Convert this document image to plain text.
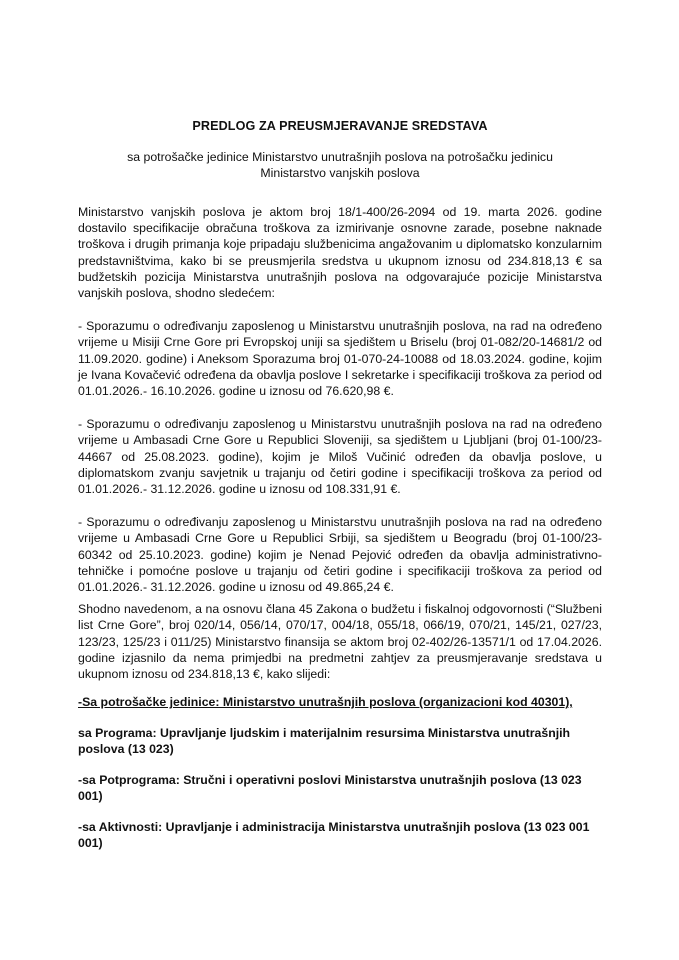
PREDLOG ZA PREUSMJERAVANJE SREDSTAVA
sa potrošačke jedinice Ministarstvo unutrašnjih poslova na potrošačku jedinicu
Ministarstvo vanjskih poslova

Ministarstvo vanjskih poslova je aktom broj 18/1-400/26-2094 od 19. marta 2026. godine dostavilo specifikacije obračuna troškova za izmirivanje osnovne zarade, posebne naknade troškova i drugih primanja koje pripadaju službenicima angažovanim u diplomatsko konzularnim predstavništvima, kako bi se preusmjerila sredstva u ukupnom iznosu od 234.818,13 € sa budžetskih pozicija Ministarstva unutrašnjih poslova na odgovarajuće pozicije Ministarstva vanjskih poslova, shodno sledećem:

- Sporazumu o određivanju zaposlenog u Ministarstvu unutrašnjih poslova, na rad na određeno vrijeme u Misiji Crne Gore pri Evropskoj uniji sa sjedištem u Briselu (broj 01-082/20-14681/2 od 11.09.2020. godine) i Aneksom Sporazuma broj 01-070-24-10088 od 18.03.2024. godine, kojim je Ivana Kovačević određena da obavlja poslove I sekretarke i specifikaciji troškova za period od 01.01.2026.- 16.10.2026. godine u iznosu od 76.620,98 €.

- Sporazumu o određivanju zaposlenog u Ministarstvu unutrašnjih poslova na rad na određeno vrijeme u Ambasadi Crne Gore u Republici Sloveniji, sa sjedištem u Ljubljani (broj 01-100/23-44667 od 25.08.2023. godine), kojim je Miloš Vučinić određen da obavlja poslove, u diplomatskom zvanju savjetnik u trajanju od četiri godine i specifikaciji troškova za period od 01.01.2026.- 31.12.2026. godine u iznosu od 108.331,91 €.

- Sporazumu o određivanju zaposlenog u Ministarstvu unutrašnjih poslova na rad na određeno vrijeme u Ambasadi Crne Gore u Republici Srbiji, sa sjedištem u Beogradu (broj 01-100/23-60342 od 25.10.2023. godine) kojim je Nenad Pejović određen da obavlja administrativno-tehničke i pomoćne poslove u trajanju od četiri godine i specifikaciji troškova za period od 01.01.2026.- 31.12.2026. godine u iznosu od 49.865,24 €.

Shodno navedenom, a na osnovu člana 45 Zakona o budžetu i fiskalnoj odgovornosti (“Službeni list Crne Gore”, broj 020/14, 056/14, 070/17, 004/18, 055/18, 066/19, 070/21, 145/21, 027/23, 123/23, 125/23 i 011/25) Ministarstvo finansija se aktom broj 02-402/26-13571/1 od 17.04.2026. godine izjasnilo da nema primjedbi na predmetni zahtjev za preusmjeravanje sredstava u ukupnom iznosu od 234.818,13 €, kako slijedi:

-Sa potrošačke jedinice: Ministarstvo unutrašnjih poslova (organizacioni kod 40301),

sa Programa: Upravljanje ljudskim i materijalnim resursima Ministarstva unutrašnjih poslova (13 023)

-sa Potprograma: Stručni i operativni poslovi Ministarstva unutrašnjih poslova (13 023 001)

-sa Aktivnosti: Upravljanje i administracija Ministarstva unutrašnjih poslova (13 023 001 001)
